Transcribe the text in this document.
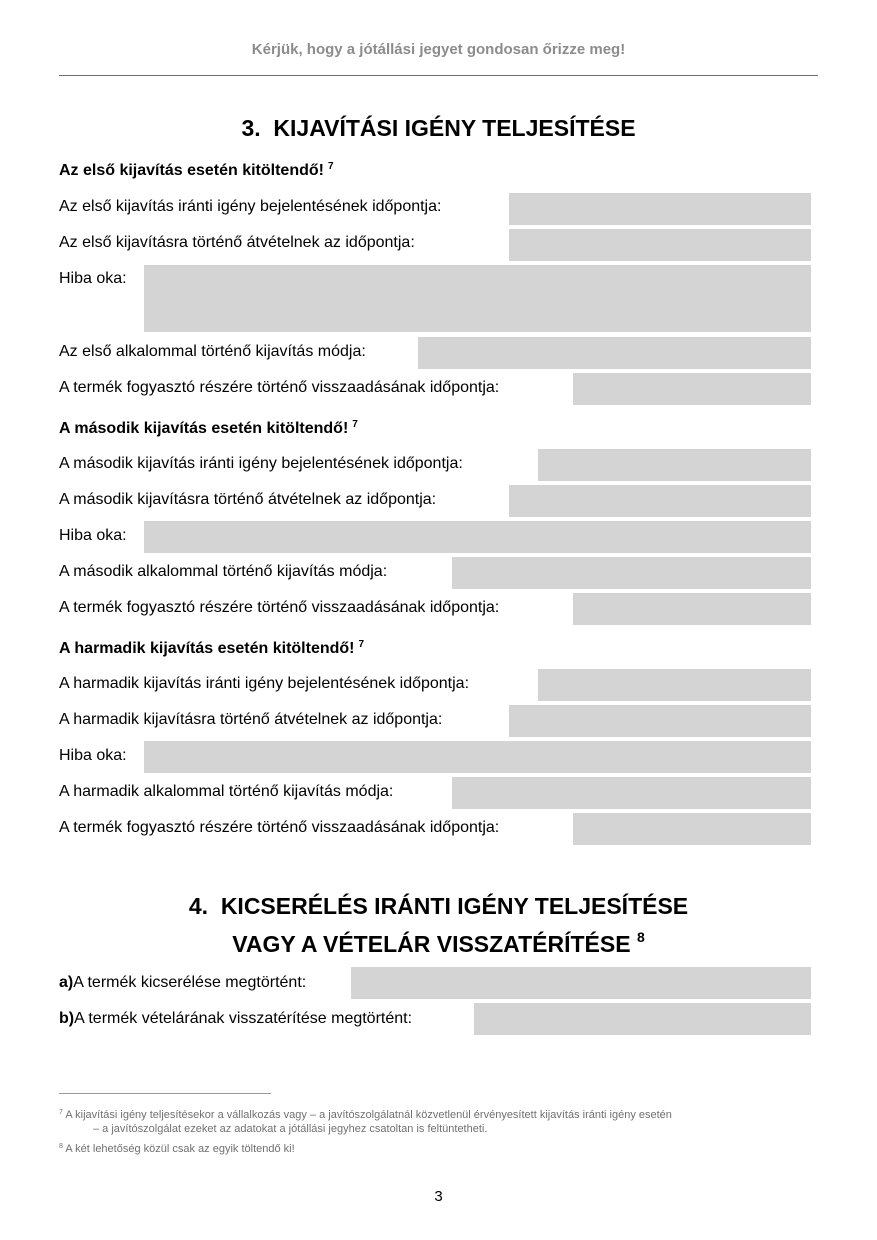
Kérjük, hogy a jótállási jegyet gondosan őrizze meg!
3. KIJAVÍTÁSI IGÉNY TELJESÍTÉSE
Az első kijavítás esetén kitöltendő! $^7$
Az első kijavítás iránti igény bejelentésének időpontja:
Az első kijavításra történő átvételnek az időpontja:
Hiba oka:
Az első alkalommal történő kijavítás módja:
A termék fogyasztó részére történő visszaadásának időpontja:
A második kijavítás esetén kitöltendő! $^7$
A második kijavítás iránti igény bejelentésének időpontja:
A második kijavításra történő átvételnek az időpontja:
Hiba oka:
A második alkalommal történő kijavítás módja:
A termék fogyasztó részére történő visszaadásának időpontja:
A harmadik kijavítás esetén kitöltendő! $^7$
A harmadik kijavítás iránti igény bejelentésének időpontja:
A harmadik kijavításra történő átvételnek az időpontja:
Hiba oka:
A harmadik alkalommal történő kijavítás módja:
A termék fogyasztó részére történő visszaadásának időpontja:
4. KICSERÉLÉS IRÁNTI IGÉNY TELJESÍTÉSE
VAGY A VÉTELÁR VISSZATÉRÍTÉSE $^8$
a)A termék kicserélése megtörtént:
b)A termék vételárának visszatérítése megtörtént:
$^7$ A kijavítási igény teljesítésekor a vállalkozás vagy – a javítószolgálatnál közvetlenül érvényesített kijavítás iránti igény esetén
– a javítószolgálat ezeket az adatokat a jótállási jegyhez csatoltan is feltüntetheti.
$^8$ A két lehetőség közül csak az egyik töltendő ki!
3
